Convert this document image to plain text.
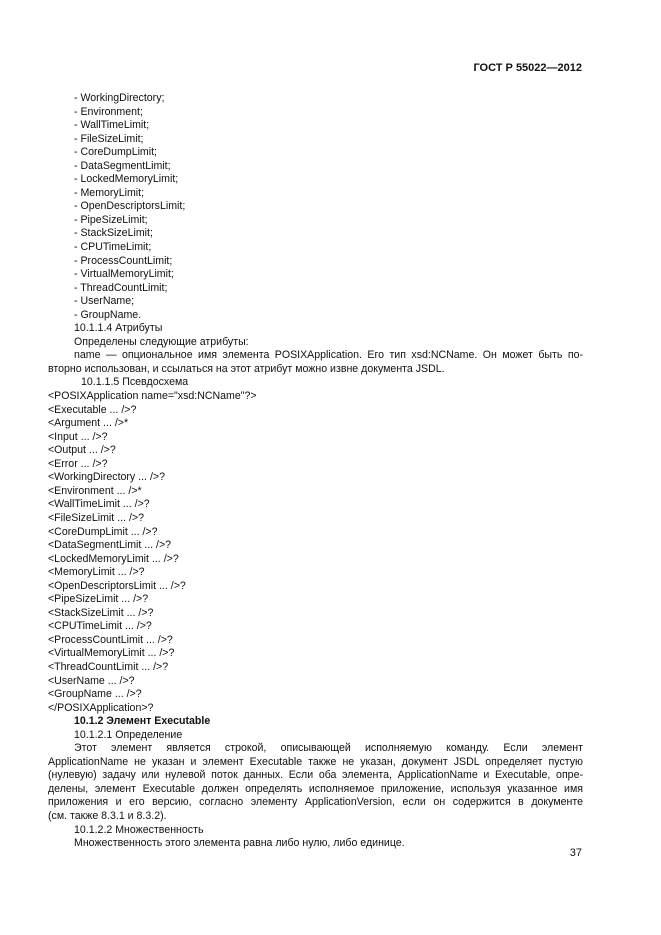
ГОСТ Р 55022—2012
- WorkingDirectory;
- Environment;
- WallTimeLimit;
- FileSizeLimit;
- CoreDumpLimit;
- DataSegmentLimit;
- LockedMemoryLimit;
- MemoryLimit;
- OpenDescriptorsLimit;
- PipeSizeLimit;
- StackSizeLimit;
- CPUTimeLimit;
- ProcessCountLimit;
- VirtualMemoryLimit;
- ThreadCountLimit;
- UserName;
- GroupName.
10.1.1.4 Атрибуты
Определены следующие атрибуты:

name — опциональное имя элемента POSIXApplication. Его тип xsd:NCName. Он может быть по-

вторно использован, и ссылаться на этот атрибут можно извне документа JSDL.

10.1.1.5 Псевдосхема
<POSIXApplication name="xsd:NCName"?>
<Executable ... />?
<Argument ... />*
<Input ... />?
<Output ... />?
<Error ... />?
<WorkingDirectory ... />?
<Environment ... />*
<WallTimeLimit ... />?
<FileSizeLimit ... />?
<CoreDumpLimit ... />?
<DataSegmentLimit ... />?
<LockedMemoryLimit ... />?
<MemoryLimit ... />?
<OpenDescriptorsLimit ... />?
<PipeSizeLimit ... />?
<StackSizeLimit ... />?
<CPUTimeLimit ... />?
<ProcessCountLimit ... />?
<VirtualMemoryLimit ... />?
<ThreadCountLimit ... />?
<UserName ... />?
<GroupName ... />?
</POSIXApplication>?
10.1.2 Элемент Executable
10.1.2.1 Определение

Этот элемент является строкой, описывающей исполняемую команду. Если элемент

ApplicationName не указан и элемент Executable также не указан, документ JSDL определяет пустую

(нулевую) задачу или нулевой поток данных. Если оба элемента, ApplicationName и Executable, опре-

делены, элемент Executable должен определять исполняемое приложение, используя указанное имя

приложения и его версию, согласно элементу ApplicationVersion, если он содержится в документе

(см. также 8.3.1 и 8.3.2).

10.1.2.2 Множественность
Множественность этого элемента равна либо нулю, либо единице.
37
